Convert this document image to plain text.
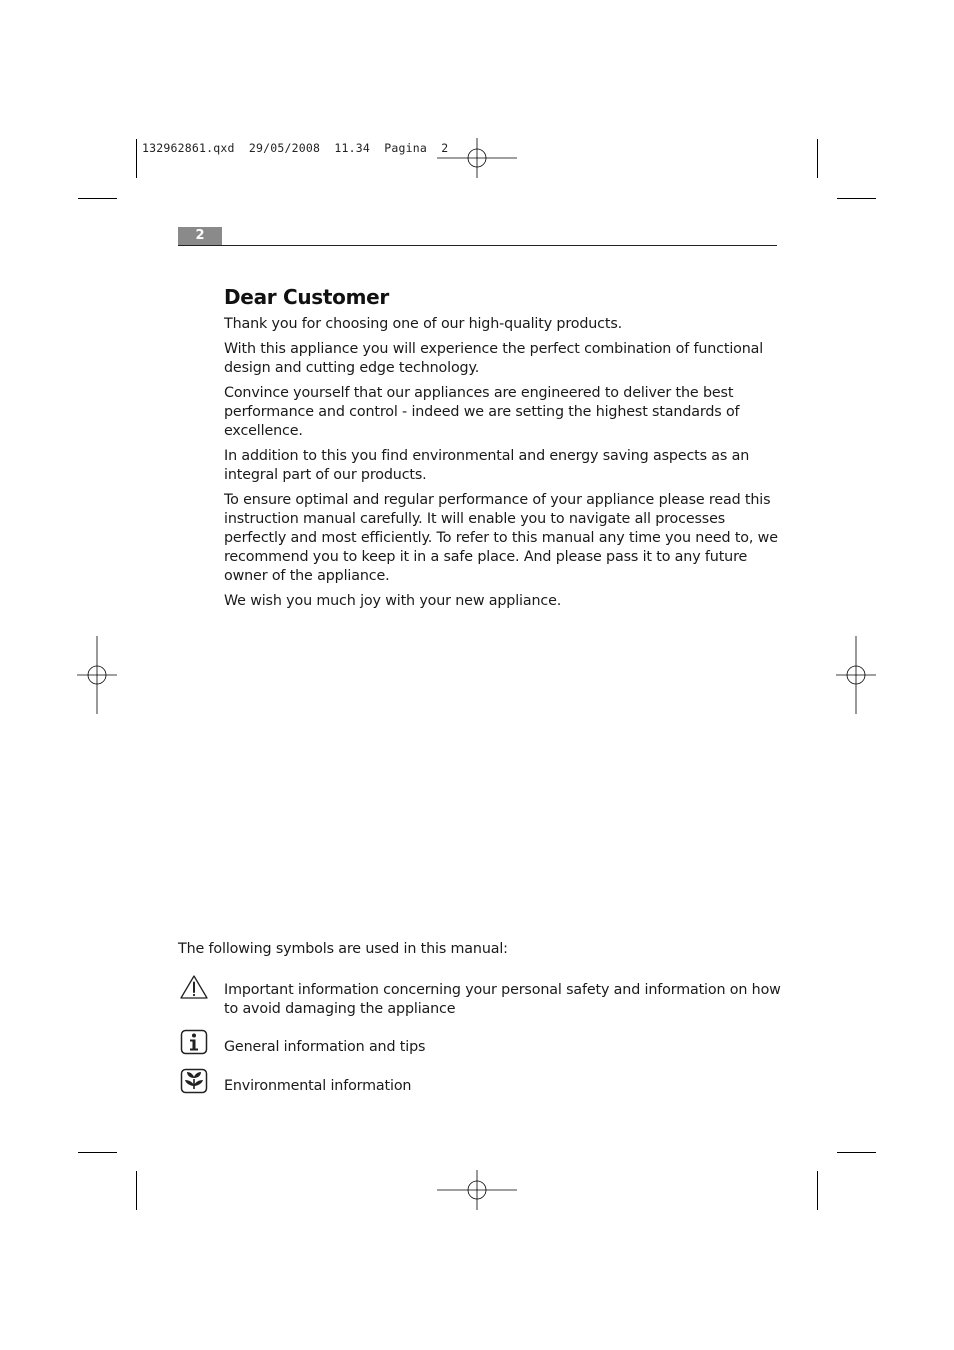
132962861.qxd  29/05/2008  11.34  Pagina  2
2
Dear Customer

Thank you for choosing one of our high-quality products.

With this appliance you will experience the perfect combination of functional design and cutting edge technology.

Convince yourself that our appliances are engineered to deliver the best performance and control - indeed we are setting the highest standards of excellence.

In addition to this you find environmental and energy saving aspects as an integral part of our products.

To ensure optimal and regular performance of your appliance please read this instruction manual carefully. It will enable you to navigate all processes perfectly and most efficiently. To refer to this manual any time you need to, we recommend you to keep it in a safe place. And please pass it to any future owner of the appliance.

We wish you much joy with your new appliance.

The following symbols are used in this manual:
Important information concerning your personal safety and information on how to avoid damaging the appliance
General information and tips
Environmental information
